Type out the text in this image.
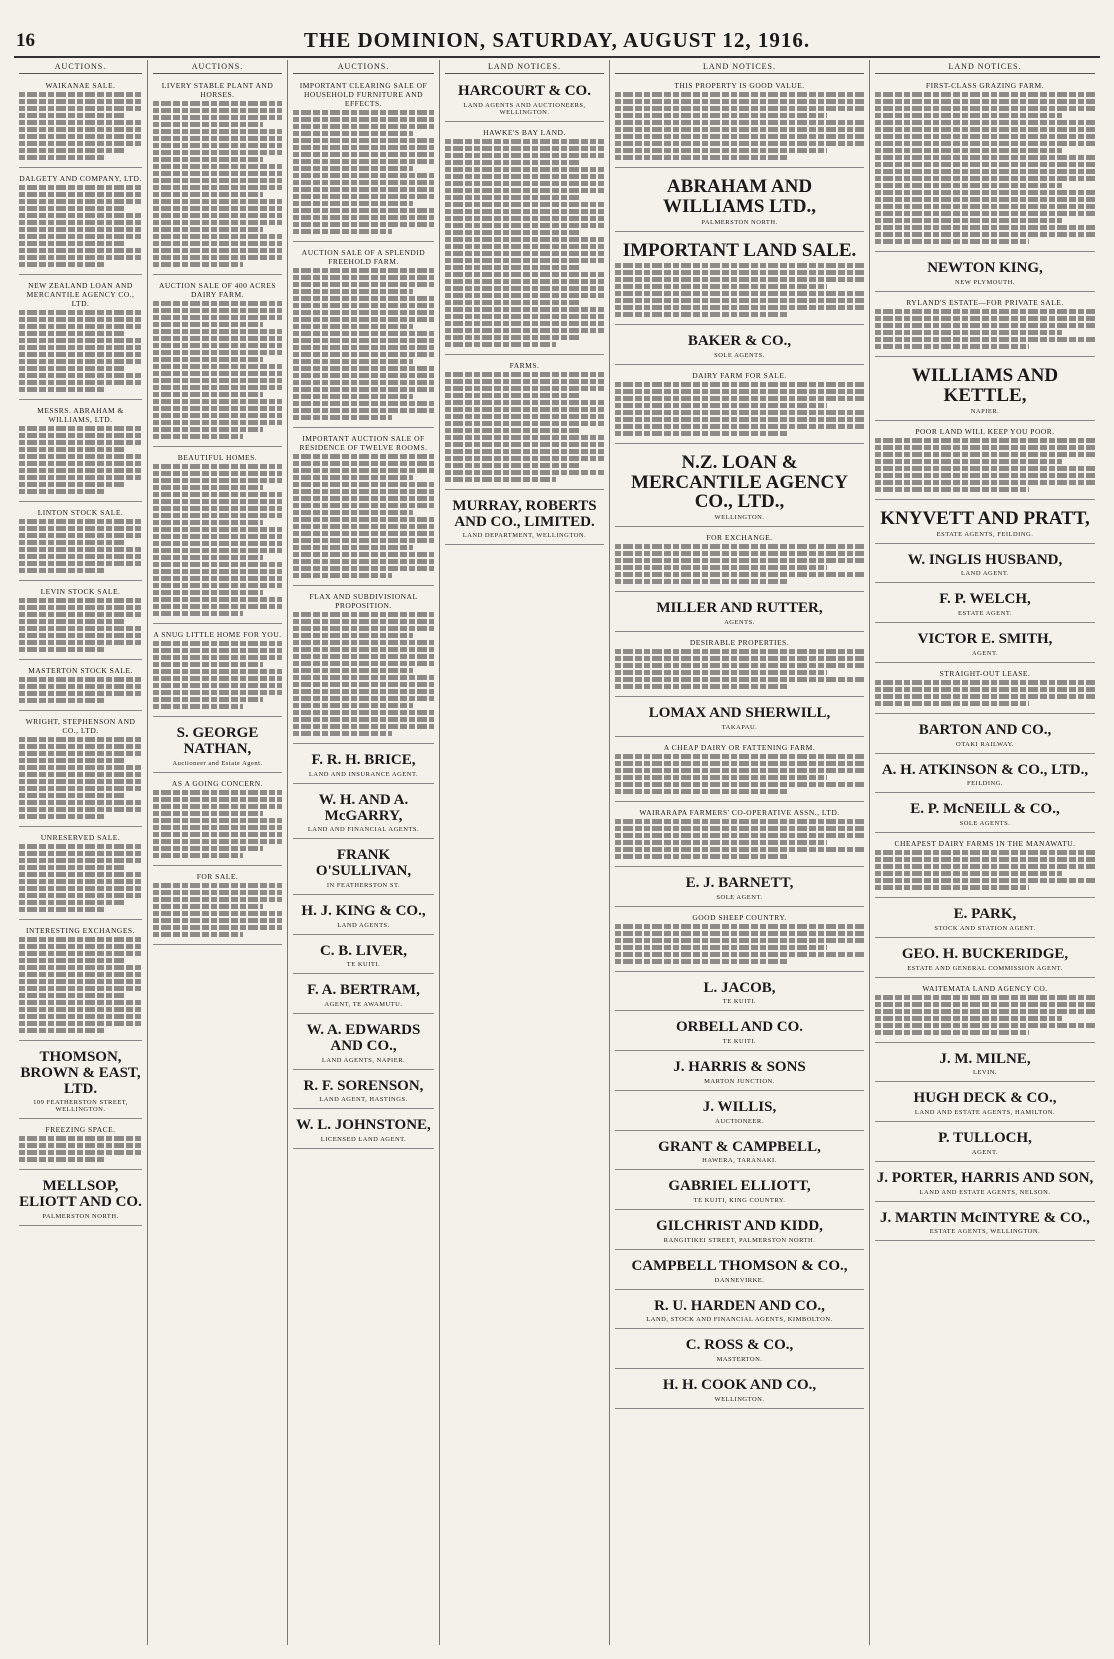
16	THE DOMINION, SATURDAY, AUGUST 12, 1916.
AUCTIONS.
WAIKANAE SALE.
DALGETY AND COMPANY, LTD.
NEW ZEALAND LOAN AND MERCANTILE AGENCY CO., LTD.
MESSRS. ABRAHAM & WILLIAMS, LTD.
LINTON STOCK SALE.
LEVIN STOCK SALE.
MASTERTON STOCK SALE.
WRIGHT, STEPHENSON AND CO., LTD.
UNRESERVED SALE.
INTERESTING EXCHANGES.
THOMSON, BROWN & EAST, LTD.
109 FEATHERSTON STREET, WELLINGTON.
FREEZING SPACE.
MELLSOP, ELIOTT AND CO.
PALMERSTON NORTH.
AUCTIONS.
LIVERY STABLE PLANT AND HORSES.
AUCTION SALE OF 400 ACRES DAIRY FARM.
BEAUTIFUL HOMES.
A SNUG LITTLE HOME FOR YOU.
S. GEORGE NATHAN,
Auctioneer and Estate Agent.
AS A GOING CONCERN.
FOR SALE.
AUCTIONS.
IMPORTANT CLEARING SALE OF HOUSEHOLD FURNITURE AND EFFECTS.
AUCTION SALE OF A SPLENDID FREEHOLD FARM.
IMPORTANT AUCTION SALE OF RESIDENCE OF TWELVE ROOMS.
FLAX AND SUBDIVISIONAL PROPOSITION.
F. R. H. BRICE,
LAND AND INSURANCE AGENT.
W. H. AND A. McGARRY,
LAND AND FINANCIAL AGENTS.
FRANK O'SULLIVAN,
IN FEATHERSTON ST.
H. J. KING & CO.,
LAND AGENTS.
C. B. LIVER,
TE KUITI.
F. A. BERTRAM,
AGENT, TE AWAMUTU.
W. A. EDWARDS AND CO.,
LAND AGENTS, NAPIER.
R. F. SORENSON,
LAND AGENT, HASTINGS.
W. L. JOHNSTONE,
LICENSED LAND AGENT.
LAND NOTICES.
HARCOURT & CO.
LAND AGENTS AND AUCTIONEERS, WELLINGTON.
HAWKE'S BAY LAND.
FARMS.
MURRAY, ROBERTS AND CO., LIMITED.
LAND DEPARTMENT, WELLINGTON.
LAND NOTICES.
THIS PROPERTY IS GOOD VALUE.
ABRAHAM AND WILLIAMS LTD.,
PALMERSTON NORTH.
IMPORTANT LAND SALE.
BAKER & CO.,
SOLE AGENTS.
DAIRY FARM FOR SALE.
N.Z. LOAN & MERCANTILE AGENCY CO., LTD.,
WELLINGTON.
FOR EXCHANGE.
MILLER AND RUTTER,
AGENTS.
DESIRABLE PROPERTIES.
LOMAX AND SHERWILL,
TAKAPAU.
A CHEAP DAIRY OR FATTENING FARM.
WAIRARAPA FARMERS' CO-OPERATIVE ASSN., LTD.
E. J. BARNETT,
SOLE AGENT.
GOOD SHEEP COUNTRY.
L. JACOB,
TE KUITI.
ORBELL AND CO.
TE KUITI.
J. HARRIS & SONS
MARTON JUNCTION.
J. WILLIS,
AUCTIONEER.
GRANT & CAMPBELL,
HAWERA, TARANAKI.
GABRIEL ELLIOTT,
TE KUITI, KING COUNTRY.
GILCHRIST AND KIDD,
RANGITIKEI STREET, PALMERSTON NORTH.
CAMPBELL THOMSON & CO.,
DANNEVIRKE.
R. U. HARDEN AND CO.,
LAND, STOCK AND FINANCIAL AGENTS, KIMBOLTON.
C. ROSS & CO.,
MASTERTON.
H. H. COOK AND CO.,
WELLINGTON.
LAND NOTICES.
FIRST-CLASS GRAZING FARM.
NEWTON KING,
NEW PLYMOUTH.
RYLAND'S ESTATE—FOR PRIVATE SALE.
WILLIAMS AND KETTLE,
NAPIER.
POOR LAND WILL KEEP YOU POOR.
KNYVETT AND PRATT,
ESTATE AGENTS, FEILDING.
W. INGLIS HUSBAND,
LAND AGENT.
F. P. WELCH,
ESTATE AGENT.
VICTOR E. SMITH,
AGENT.
STRAIGHT-OUT LEASE.
BARTON AND CO.,
OTAKI RAILWAY.
A. H. ATKINSON & CO., LTD.,
FEILDING.
E. P. McNEILL & CO.,
SOLE AGENTS.
CHEAPEST DAIRY FARMS IN THE MANAWATU.
E. PARK,
STOCK AND STATION AGENT.
GEO. H. BUCKERIDGE,
ESTATE AND GENERAL COMMISSION AGENT.
WAITEMATA LAND AGENCY CO.
J. M. MILNE,
LEVIN.
HUGH DECK & CO.,
LAND AND ESTATE AGENTS, HAMILTON.
P. TULLOCH,
AGENT.
J. PORTER, HARRIS AND SON,
LAND AND ESTATE AGENTS, NELSON.
J. MARTIN McINTYRE & CO.,
ESTATE AGENTS, WELLINGTON.
